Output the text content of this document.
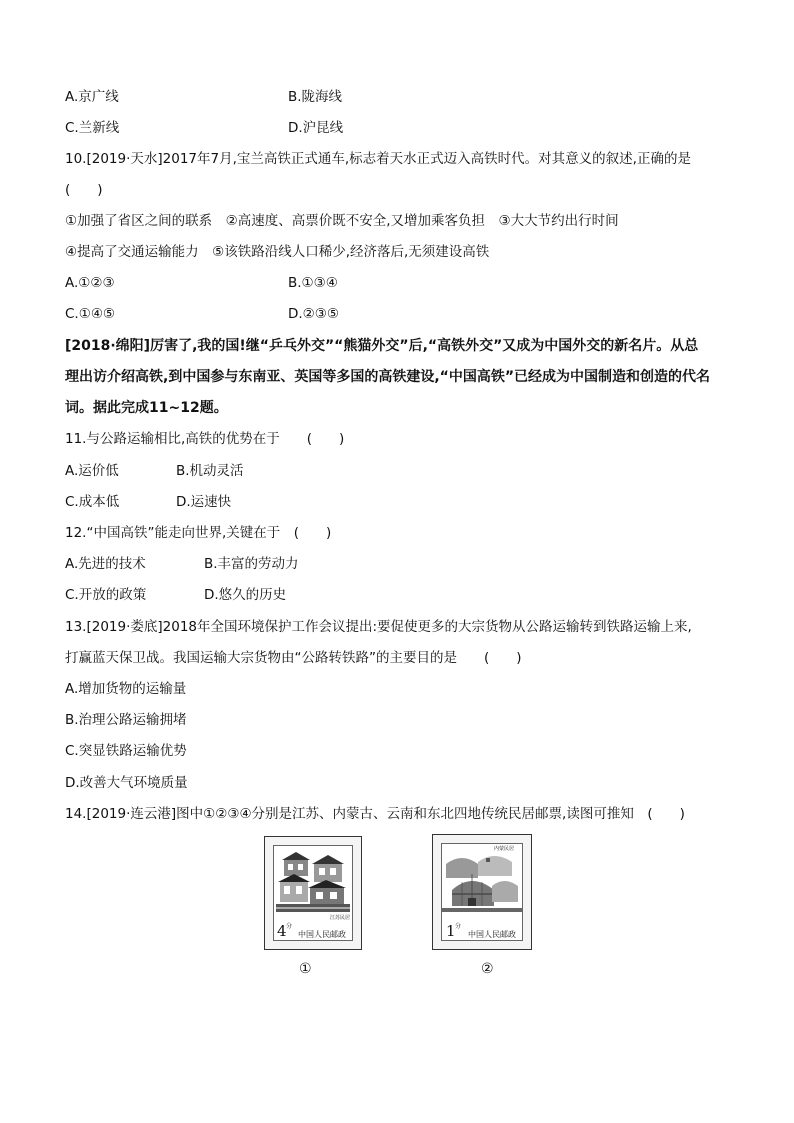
A.京广线	B.陇海线
C.兰新线	D.沪昆线
10.[2019·天水]2017年7月,宝兰高铁正式通车,标志着天水正式迈入高铁时代。对其意义的叙述,正确的是
(　　)
①加强了省区之间的联系　②高速度、高票价既不安全,又增加乘客负担　③大大节约出行时间
④提高了交通运输能力　⑤该铁路沿线人口稀少,经济落后,无须建设高铁
A.①②③	B.①③④
C.①④⑤	D.②③⑤
[2018·绵阳]厉害了,我的国!继“乒乓外交”“熊猫外交”后,“高铁外交”又成为中国外交的新名片。从总
理出访介绍高铁,到中国参与东南亚、英国等多国的高铁建设,“中国高铁”已经成为中国制造和创造的代名
词。据此完成11~12题。
11.与公路运输相比,高铁的优势在于　　(　　)
A.运价低	B.机动灵活
C.成本低	D.运速快
12.“中国高铁”能走向世界,关键在于　(　　)
A.先进的技术	B.丰富的劳动力
C.开放的政策	D.悠久的历史
13.[2019·娄底]2018年全国环境保护工作会议提出:要促使更多的大宗货物从公路运输转到铁路运输上来,
打赢蓝天保卫战。我国运输大宗货物由“公路转铁路”的主要目的是　　(　　)
A.增加货物的运输量
B.治理公路运输拥堵
C.突显铁路运输优势
D.改善大气环境质量
14.[2019·连云港]图中①②③④分别是江苏、内蒙古、云南和东北四地传统民居邮票,读图可推知　(　　)
4 分
江苏民居
中国人民邮政
①
1 分
内蒙民居
中国人民邮政
②
